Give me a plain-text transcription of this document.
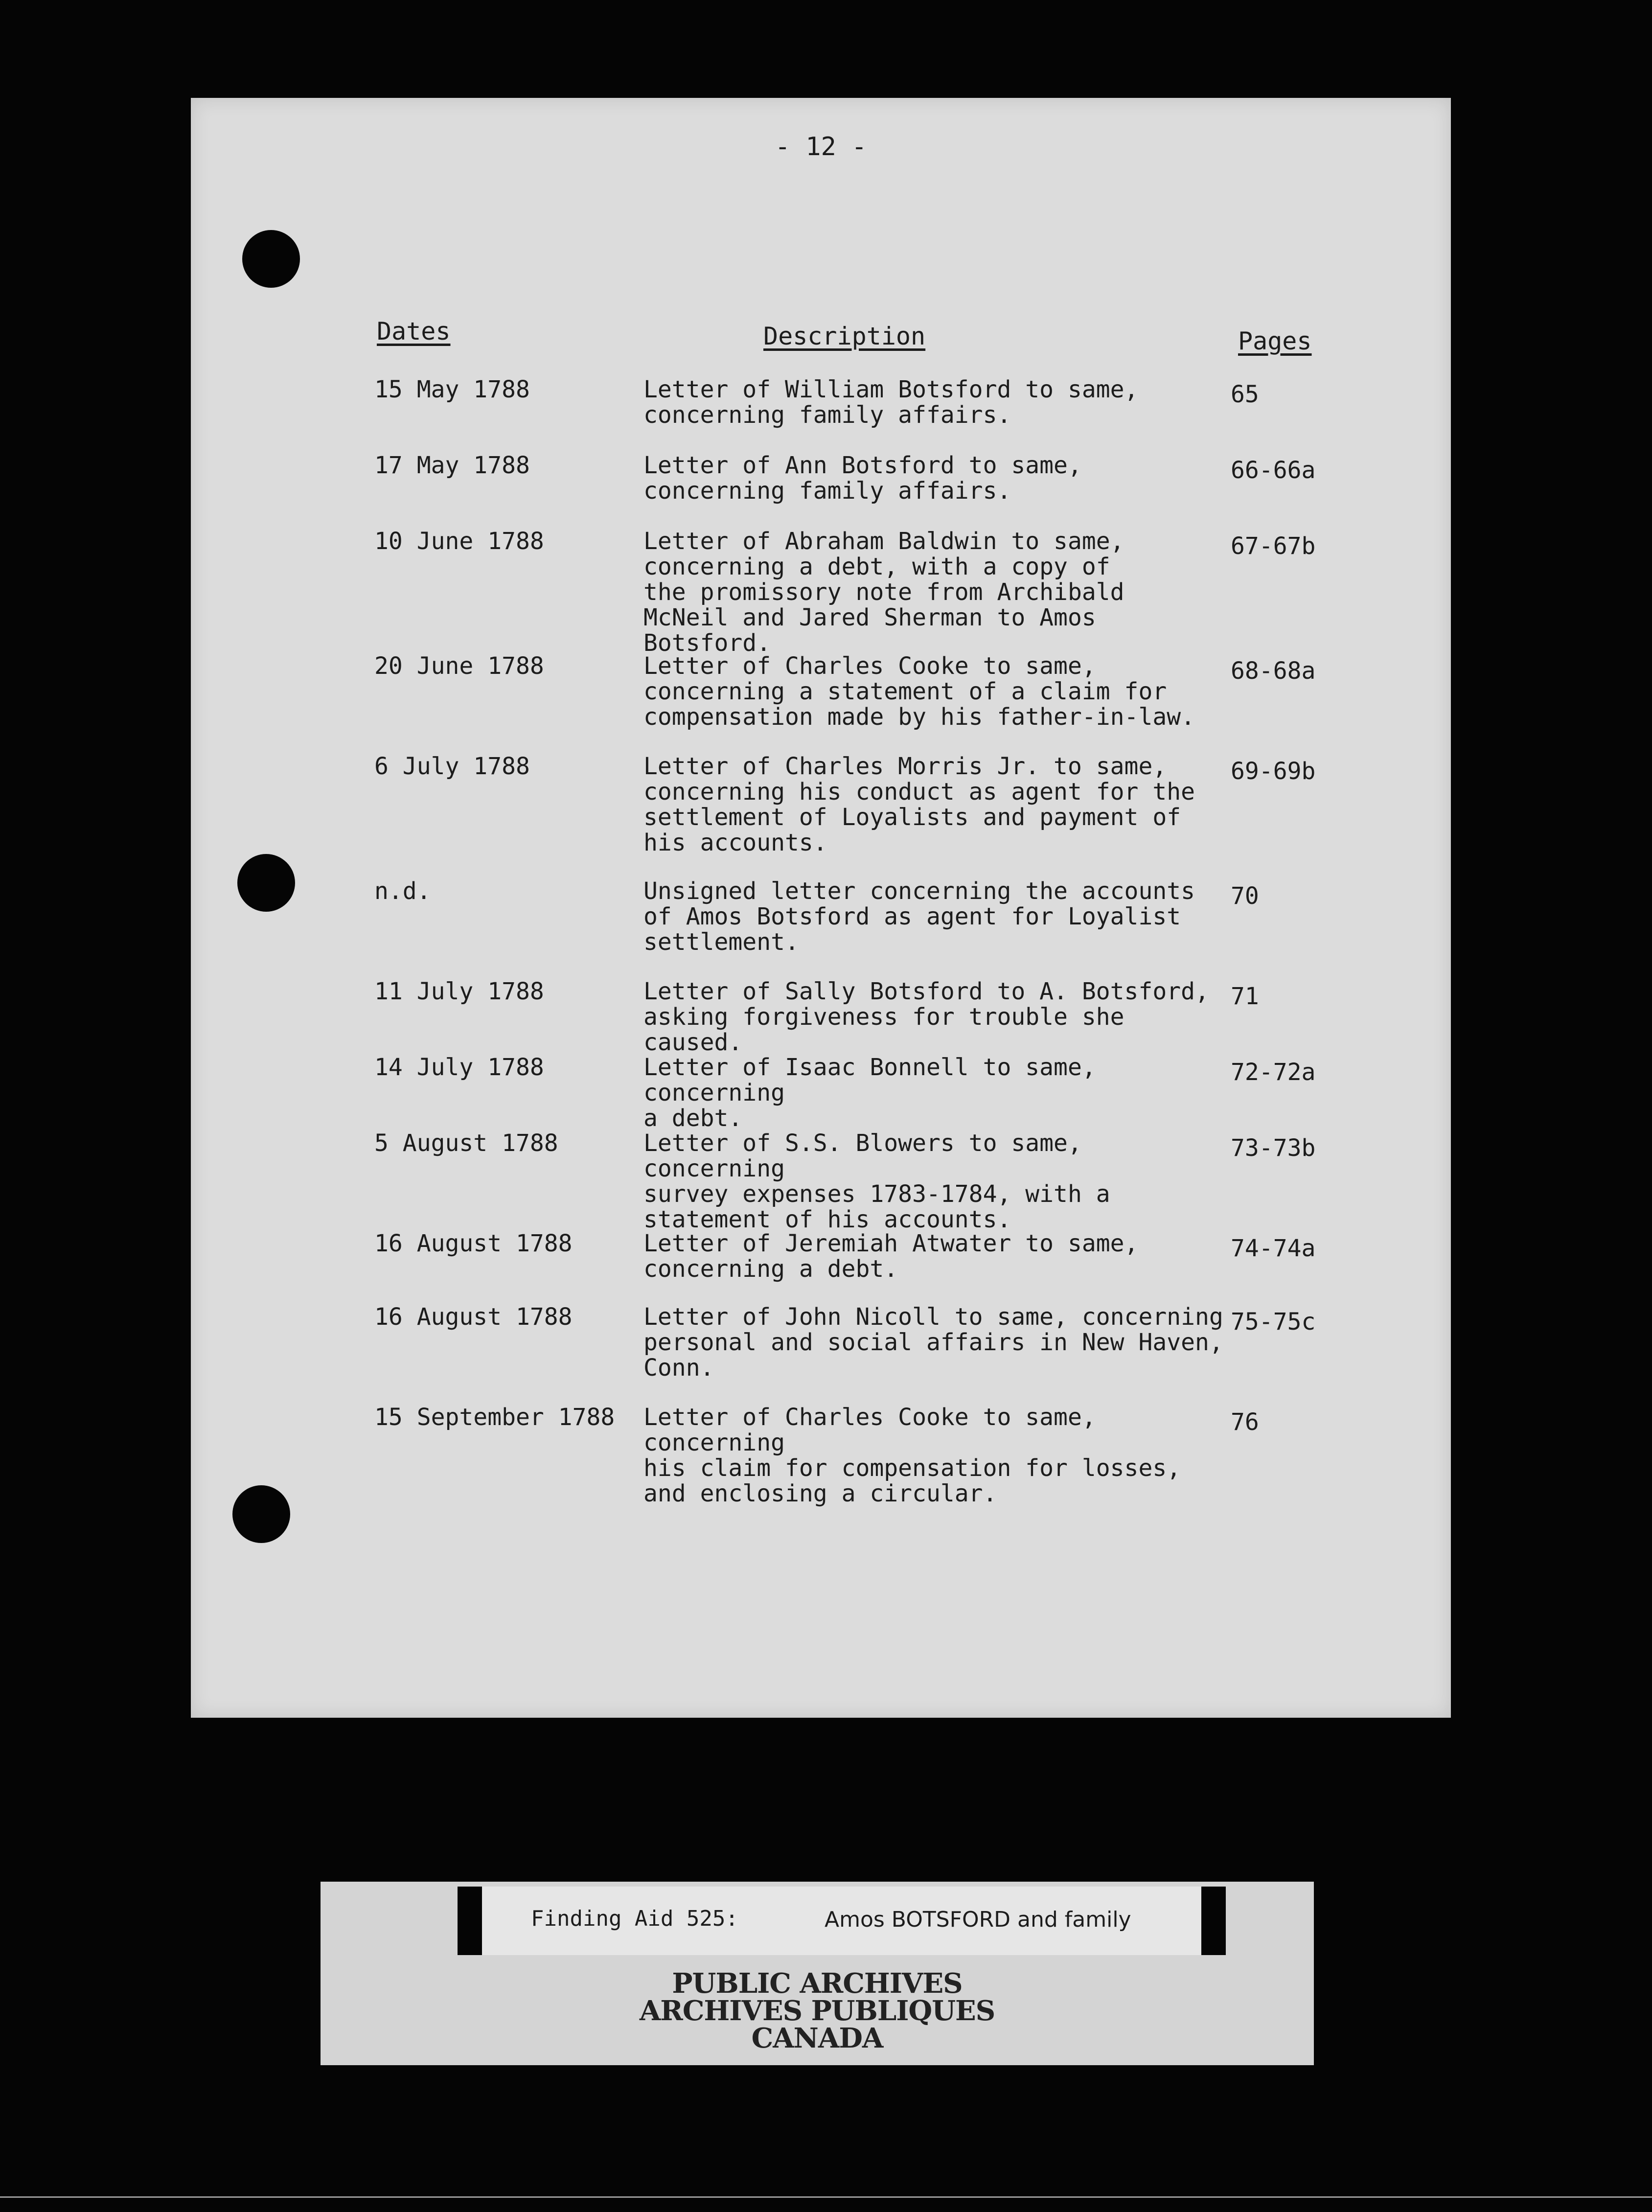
- 12 -
Dates	Description	Pages
15 May 1788	Letter of William Botsford to same,
concerning family affairs.
65
17 May 1788	Letter of Ann Botsford to same,
concerning family affairs.
66-66a
10 June 1788	Letter of Abraham Baldwin to same,
concerning a debt, with a copy of
the promissory note from Archibald
McNeil and Jared Sherman to Amos Botsford.
67-67b
20 June 1788	Letter of Charles Cooke to same,
concerning a statement of a claim for
compensation made by his father-in-law.
68-68a
6 July 1788	Letter of Charles Morris Jr. to same,
concerning his conduct as agent for the
settlement of Loyalists and payment of
his accounts.
69-69b
n.d.	Unsigned letter concerning the accounts
of Amos Botsford as agent for Loyalist
settlement.
70
11 July 1788	Letter of Sally Botsford to A. Botsford,
asking forgiveness for trouble she caused.
71
14 July 1788	Letter of Isaac Bonnell to same, concerning
a debt.
72-72a
5 August 1788	Letter of S.S. Blowers to same, concerning
survey expenses 1783-1784, with a
statement of his accounts.
73-73b
16 August 1788	Letter of Jeremiah Atwater to same,
concerning a debt.
74-74a
16 August 1788	Letter of John Nicoll to same, concerning
personal and social affairs in New Haven,
Conn.
75-75c
15 September 1788 Letter of Charles Cooke to same, concerning
his claim for compensation for losses,
and enclosing a circular.
76
Finding Aid 525:	Amos BOTSFORD and family
PUBLIC ARCHIVES
ARCHIVES PUBLIQUES
CANADA
